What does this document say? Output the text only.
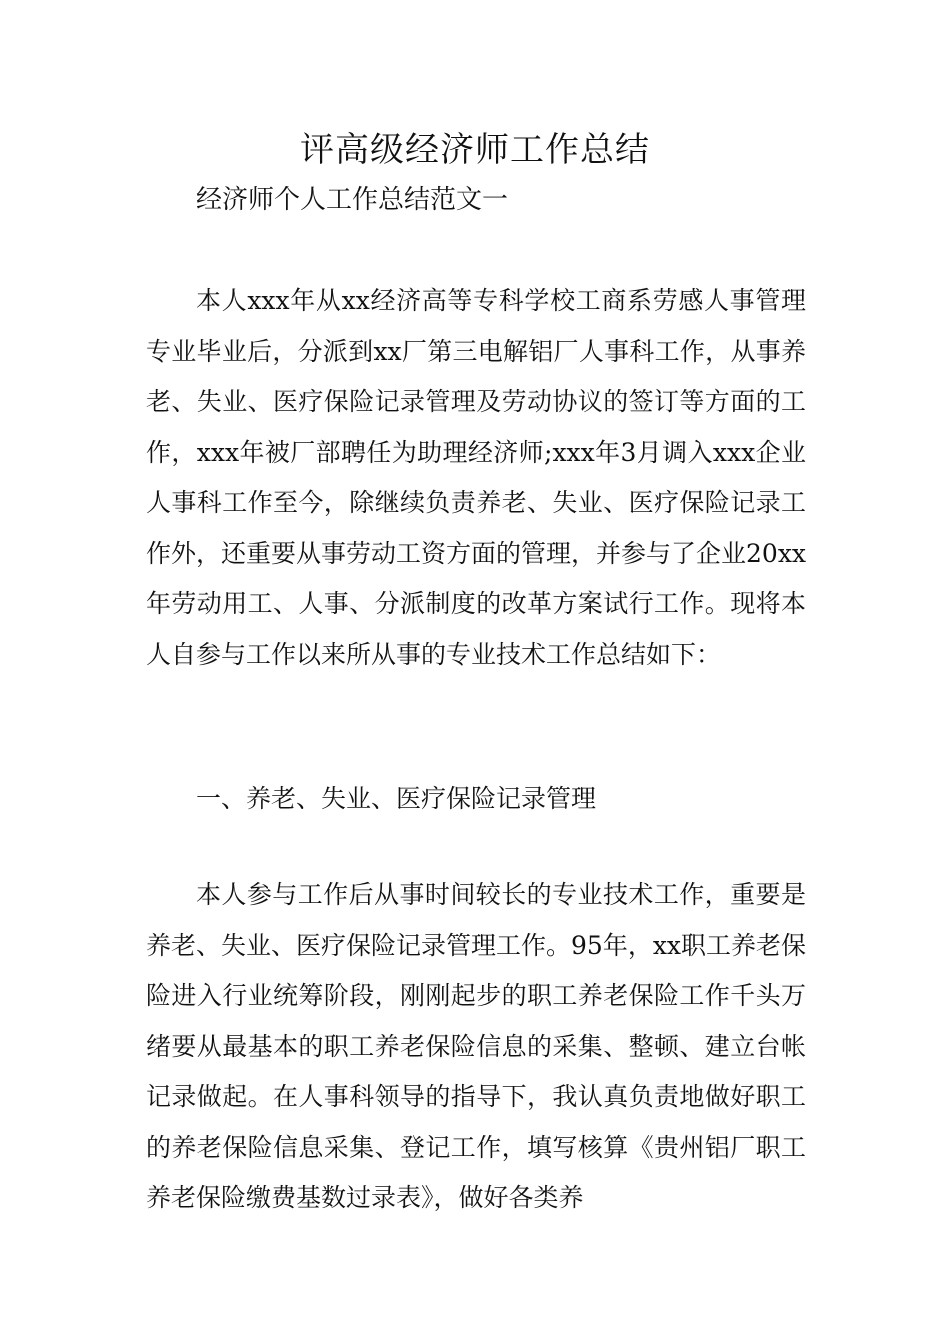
评高级经济师工作总结
经济师个人工作总结范文一

本人xxx年从xx经济高等专科学校工商系劳感人事管理专业毕业后，分派到xx厂第三电解铝厂人事科工作，从事养老、失业、医疗保险记录管理及劳动协议的签订等方面的工作，xxx年被厂部聘任为助理经济师;xxx年3月调入xxx企业人事科工作至今，除继续负责养老、失业、医疗保险记录工作外，还重要从事劳动工资方面的管理，并参与了企业20xx年劳动用工、人事、分派制度的改革方案试行工作。现将本人自参与工作以来所从事的专业技术工作总结如下：

一、养老、失业、医疗保险记录管理

本人参与工作后从事时间较长的专业技术工作，重要是养老、失业、医疗保险记录管理工作。95年，xx职工养老保险进入行业统筹阶段，刚刚起步的职工养老保险工作千头万绪要从最基本的职工养老保险信息的采集、整顿、建立台帐记录做起。在人事科领导的指导下，我认真负责地做好职工的养老保险信息采集、登记工作，填写核算《贵州铝厂职工养老保险缴费基数过录表》，做好各类养
